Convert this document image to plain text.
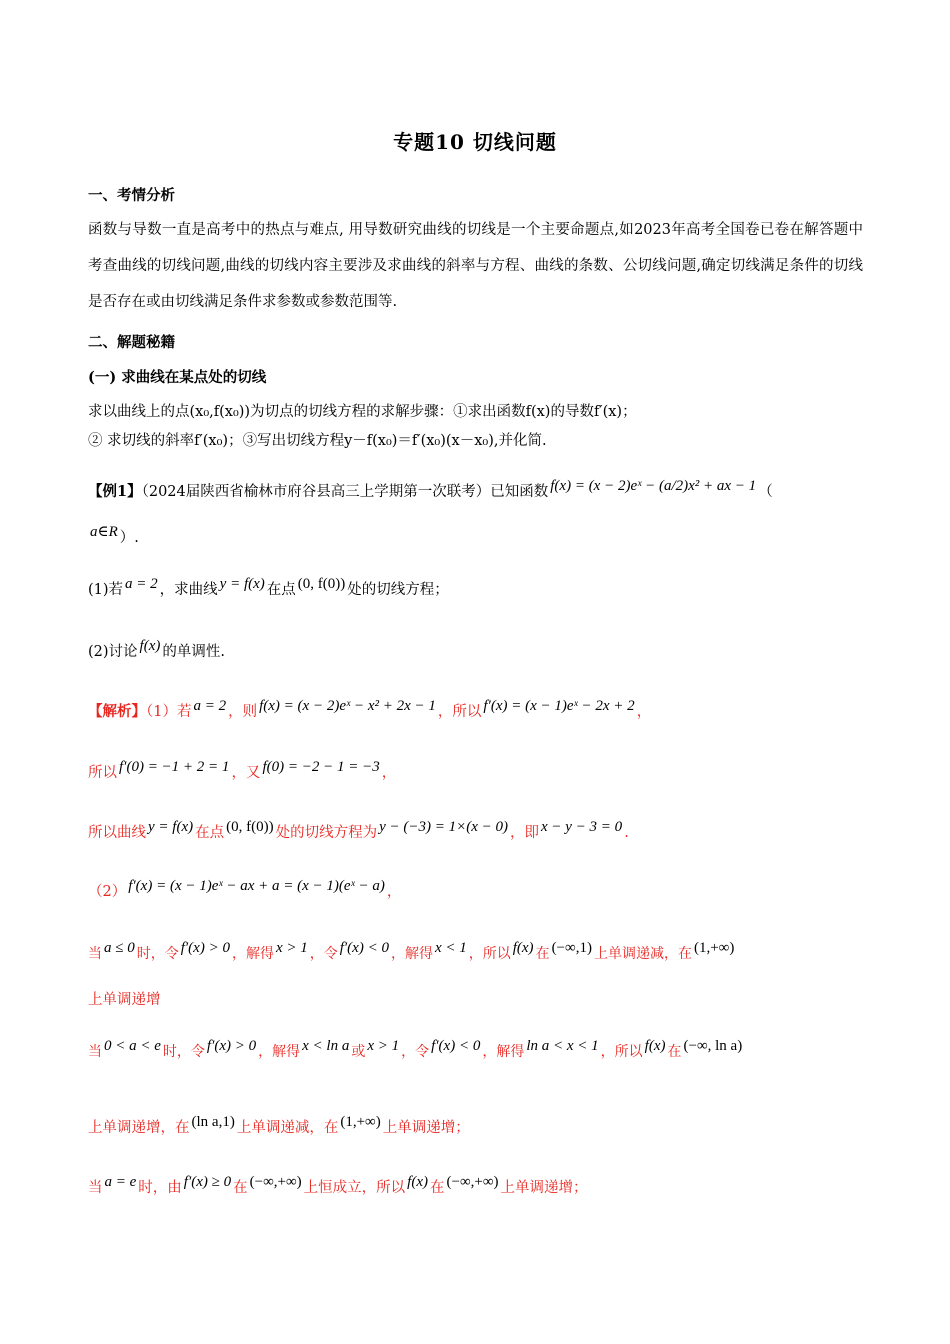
专题10 切线问题
一、考情分析
函数与导数一直是高考中的热点与难点, 用导数研究曲线的切线是一个主要命题点,如2023年高考全国卷已卷在解答题中考查曲线的切线问题,曲线的切线内容主要涉及求曲线的斜率与方程、曲线的条数、公切线问题,确定切线满足条件的切线是否存在或由切线满足条件求参数或参数范围等.
二、解题秘籍
(一) 求曲线在某点处的切线
求以曲线上的点(x₀,f(x₀))为切点的切线方程的求解步骤：①求出函数f(x)的导数f′(x)；
② 求切线的斜率f′(x₀)；③写出切线方程y－f(x₀)＝f′(x₀)(x－x₀),并化简.
【例1】（2024届陕西省榆林市府谷县高三上学期第一次联考）已知函数 f(x) = (x − 2)eˣ − (a/2)x² + ax − 1 （
a∈R ）.
(1)若 a = 2 ，求曲线 y = f(x) 在点 (0, f(0)) 处的切线方程；
(2)讨论 f(x) 的单调性.
【解析】（1）若 a = 2 ，则 f(x) = (x − 2)eˣ − x² + 2x − 1 ，所以 f′(x) = (x − 1)eˣ − 2x + 2 ，
所以 f′(0) = −1 + 2 = 1 ，又 f(0) = −2 − 1 = −3 ，
所以曲线 y = f(x) 在点 (0, f(0)) 处的切线方程为 y − (−3) = 1×(x − 0) ，即 x − y − 3 = 0 .
（2） f′(x) = (x − 1)eˣ − ax + a = (x − 1)(eˣ − a) ，
当 a ≤ 0 时，令 f′(x) > 0 ，解得 x > 1 ，令 f′(x) < 0 ，解得 x < 1 ，所以 f(x) 在 (−∞,1) 上单调递减，在 (1,+∞)
上单调递增
当 0 < a < e 时，令 f′(x) > 0 ，解得 x < ln a 或 x > 1 ，令 f′(x) < 0 ，解得 ln a < x < 1 ，所以 f(x) 在 (−∞, ln a)
上单调递增，在 (ln a,1) 上单调递减，在 (1,+∞) 上单调递增；
当 a = e 时，由 f′(x) ≥ 0 在 (−∞,+∞) 上恒成立，所以 f(x) 在 (−∞,+∞) 上单调递增；
